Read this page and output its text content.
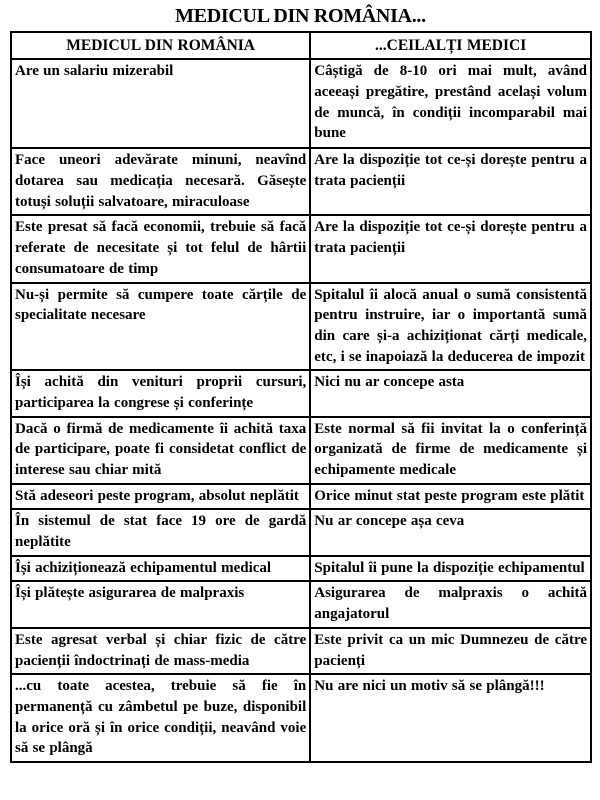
MEDICUL DIN ROMÂNIA...
MEDICUL DIN ROMÂNIA	...CEILALȚI MEDICI
Are un salariu mizerabil	Câștigă de 8-10 ori mai mult, având aceeași pregătire, prestând același volum de muncă, în condiții incomparabil mai bune
Face uneori adevărate minuni, neavînd dotarea sau medicația necesară. Găsește totuși soluții salvatoare, miraculoase	Are la dispoziție tot ce-și dorește pentru a trata pacienții
Este presat să facă economii, trebuie să facă referate de necesitate și tot felul de hârtii consumatoare de timp	Are la dispoziție tot ce-și dorește pentru a trata pacienții
Nu-și permite să cumpere toate cărțile de specialitate necesare	Spitalul îi alocă anual o sumă consistentă pentru instruire, iar o importantă sumă din care și-a achiziționat cărți medicale, etc, i se inapoiază la deducerea de impozit
Își achită din venituri proprii cursuri, participarea la congrese și conferințe	Nici nu ar concepe asta
Dacă o firmă de medicamente îi achită taxa de participare, poate fi considetat conflict de interese sau chiar mită	Este normal să fii invitat la o conferință organizată de firme de medicamente și echipamente medicale
Stă adeseori peste program, absolut neplătit	Orice minut stat peste program este plătit
În sistemul de stat face 19 ore de gardă neplătite	Nu ar concepe așa ceva
Își achiziționează echipamentul medical	Spitalul îi pune la dispoziție echipamentul
Își plătește asigurarea de malpraxis	Asigurarea de malpraxis o achită angajatorul
Este agresat verbal și chiar fizic de către pacienții îndoctrinați de mass-media	Este privit ca un mic Dumnezeu de către pacienți
...cu toate acestea, trebuie să fie în permanență cu zâmbetul pe buze, disponibil la orice oră și în orice condiții, neavând voie să se plângă	Nu are nici un motiv să se plângă!!!
